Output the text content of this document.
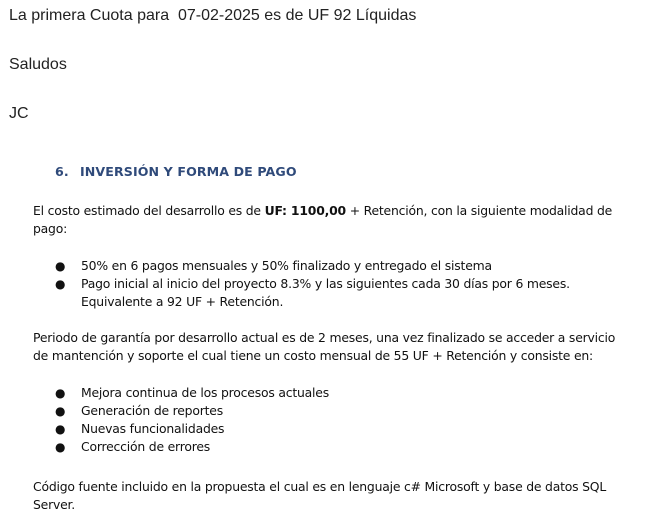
La primera Cuota para  07-02-2025 es de UF 92 Líquidas
Saludos
JC
6. INVERSIÓN Y FORMA DE PAGO
El costo estimado del desarrollo es de UF: 1100,00 + Retención, con la siguiente modalidad de pago:
● 50% en 6 pagos mensuales y 50% finalizado y entregado el sistema
● Pago inicial al inicio del proyecto 8.3% y las siguientes cada 30 días por 6 meses. Equivalente a 92 UF + Retención.
Periodo de garantía por desarrollo actual es de 2 meses, una vez finalizado se acceder a servicio de mantención y soporte el cual tiene un costo mensual de 55 UF + Retención y consiste en:
● Mejora continua de los procesos actuales
● Generación de reportes
● Nuevas funcionalidades
● Corrección de errores
Código fuente incluido en la propuesta el cual es en lenguaje c# Microsoft y base de datos SQL Server.
